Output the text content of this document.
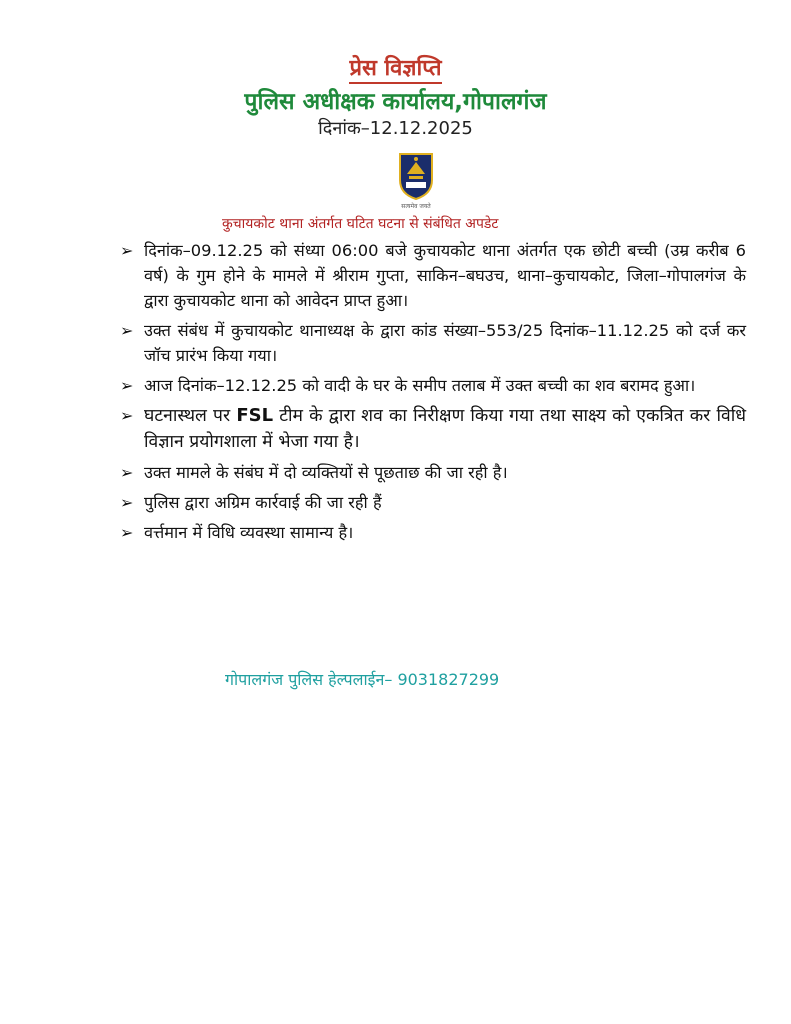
प्रेस विज्ञप्ति
पुलिस अधीक्षक कार्यालय,गोपालगंज
दिनांक–12.12.2025
सत्यमेव जयते
कुचायकोट थाना अंतर्गत घटित घटना से संबंधित अपडेट
➢ दिनांक–09.12.25 को संध्या 06:00 बजे कुचायकोट थाना अंतर्गत एक छोटी बच्ची (उम्र करीब 6 वर्ष) के गुम होने के मामले में श्रीराम गुप्ता, साकिन–बघउच, थाना–कुचायकोट, जिला–गोपालगंज के द्वारा कुचायकोट थाना को आवेदन प्राप्त हुआ।
➢ उक्त संबंध में कुचायकोट थानाध्यक्ष के द्वारा कांड संख्या–553/25 दिनांक–11.12.25 को दर्ज कर जॉच प्रारंभ किया गया।
➢ आज दिनांक–12.12.25 को वादी के घर के समीप तलाब में उक्त बच्ची का शव बरामद हुआ।
➢ घटनास्थल पर FSL टीम के द्वारा शव का निरीक्षण किया गया तथा साक्ष्य को एकत्रित कर विधि विज्ञान प्रयोगशाला में भेजा गया है।
➢ उक्त मामले के संबंघ में दो व्यक्तियों से पूछताछ की जा रही है।
➢ पुलिस द्वारा अग्रिम कार्रवाई की जा रही हैं
➢ वर्त्तमान में विधि व्यवस्था सामान्य है।
गोपालगंज पुलिस हेल्पलाईन– 9031827299
